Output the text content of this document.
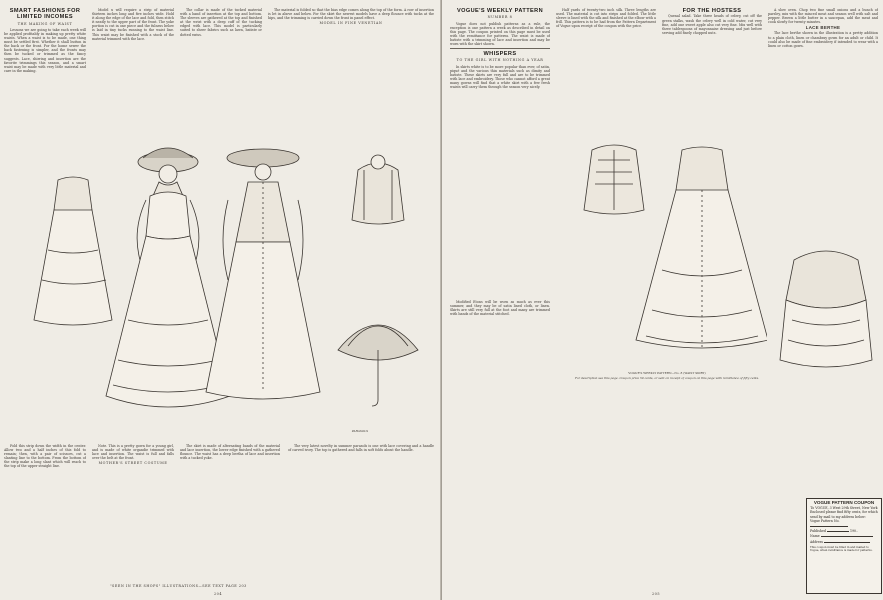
SMART FASHIONS FOR LIMITED INCOMES
THE MAKING OF WAIST

Lessons we are going to take each week will be applied profitably in making up pretty white waists. When a waist is to be made, one thing must be settled first. Whether it shall button in the back or the front. For the home sewer the back fastening is simpler, and the fronts may then be tucked or trimmed as the fancy suggests. Lace, shirring and insertion are the favorite trimmings this season, and a smart waist may be made with very little material and care in the making.

Model x will require a strip of material thirteen inches long and five inches wide. Hold it along the edge of the lace and fold, then stitch it neatly to the upper part of the front. The yoke portion is cut in one piece and the fulness below is laid in tiny tucks running to the waist line. This waist may be finished with a stock of the material trimmed with the lace.

The collar is made of the tucked material with a band of insertion at the top and bottom. The sleeves are gathered at the top and finished at the wrist with a deep cuff of the tucking edged with lace. This model is particularly suited to sheer fabrics such as lawn, batiste or dotted swiss.

The material is folded so that the bias edge comes along the top of the form. A row of insertion is let in above and below. For the skirt the newest models have a deep flounce with tucks at the hips, and the trimming is carried down the front in panel effect.

MODEL IN FINE VENETIAN

Fold this strip down the width in the center. Allow two and a half inches of this fold to remain; then, with a pair of scissors, cut a slanting line to the bottom. From the bottom of the strip make a long slant which will reach to the top of the upper straight line.

Note. This is a pretty gown for a young girl, and is made of white organdie trimmed with lace and insertion. The waist is full and falls over the belt at the front.

MOTHER'S STREET COSTUME

The skirt is made of alternating bands of the material and lace insertion, the lower edge finished with a gathered flounce. The waist has a deep bertha of lace and insertion with a tucked yoke.

PARASOLS

The very latest novelty in summer parasols is one with lace covering and a handle of carved ivory. The top is gathered and falls in soft folds about the handle.

"SEEN IN THE SHOPS" ILLUSTRATIONS—SEE TEXT PAGE 203
204
VOGUE'S WEEKLY PATTERN
NUMBER 8

Vogue does not publish patterns as a rule, the exception is one pattern a week as described in detail on this page. The coupon printed on this page must be used with the remittance for patterns. The waist is made of batiste with a trimming of lace and insertion and may be worn with the skirt shown.

WHISPERS
TO THE GIRL WITH NOTHING A YEAR

In skirts white is to be more popular than ever, of satin, piqué and the various thin materials such as dimity and batiste. These skirts are very full and are to be trimmed with lace and embroidery. Those who cannot afford a great many gowns will find that a white skirt with a few fresh waists will carry them through the season very nicely.

Half yards of twenty-two inch silk. Three lengths are used. The material is cut into strips and folded. The little sleeve is lined with the silk and finished at the elbow with a frill. This pattern is to be had from the Pattern Department of Vogue upon receipt of the coupon with the price.

FOR THE HOSTESS

Quenal salad. Take three heads of celery, cut off the green stalks, wash the celery well in cold water, cut very fine, add one sweet apple also cut very fine. Mix well with three tablespoons of mayonnaise dressing and just before serving add finely chopped nuts.

A slow oven. Chop two fine small onions and a bunch of parsley, mix with the minced meat and season well with salt and pepper. Brown a little butter in a saucepan, add the meat and cook slowly for twenty minutes.

LACE BERTHE

The lace berthe shown in the illustration is a pretty addition to a plain cloth, linen or chambray gown for an adult or child. It could also be made of fine embroidery if intended to wear with a linen or cotton gown.

VOGUE'S WEEKLY PATTERN—No. 8 (WAIST SKIRT)
For description see this page. Coupon price 50 cents, or sent on receipt of coupon on this page with remittance of fifty cents.

Modified Etons will be worn as much as ever this summer, and they may be of satin lined cloth, or linen. Skirts are still very full at the foot and many are trimmed with bands of the material stitched.

205
VOGUE PATTERN COUPON
To VOGUE, 3 West 29th Street, New York
Enclosed please find fifty cents, for which send by mail to my address below:
Vogue Pattern No.
Published	190..
Name
Address
This coupon must be filled in and mailed to Vogue, when remittance is made for patterns.
